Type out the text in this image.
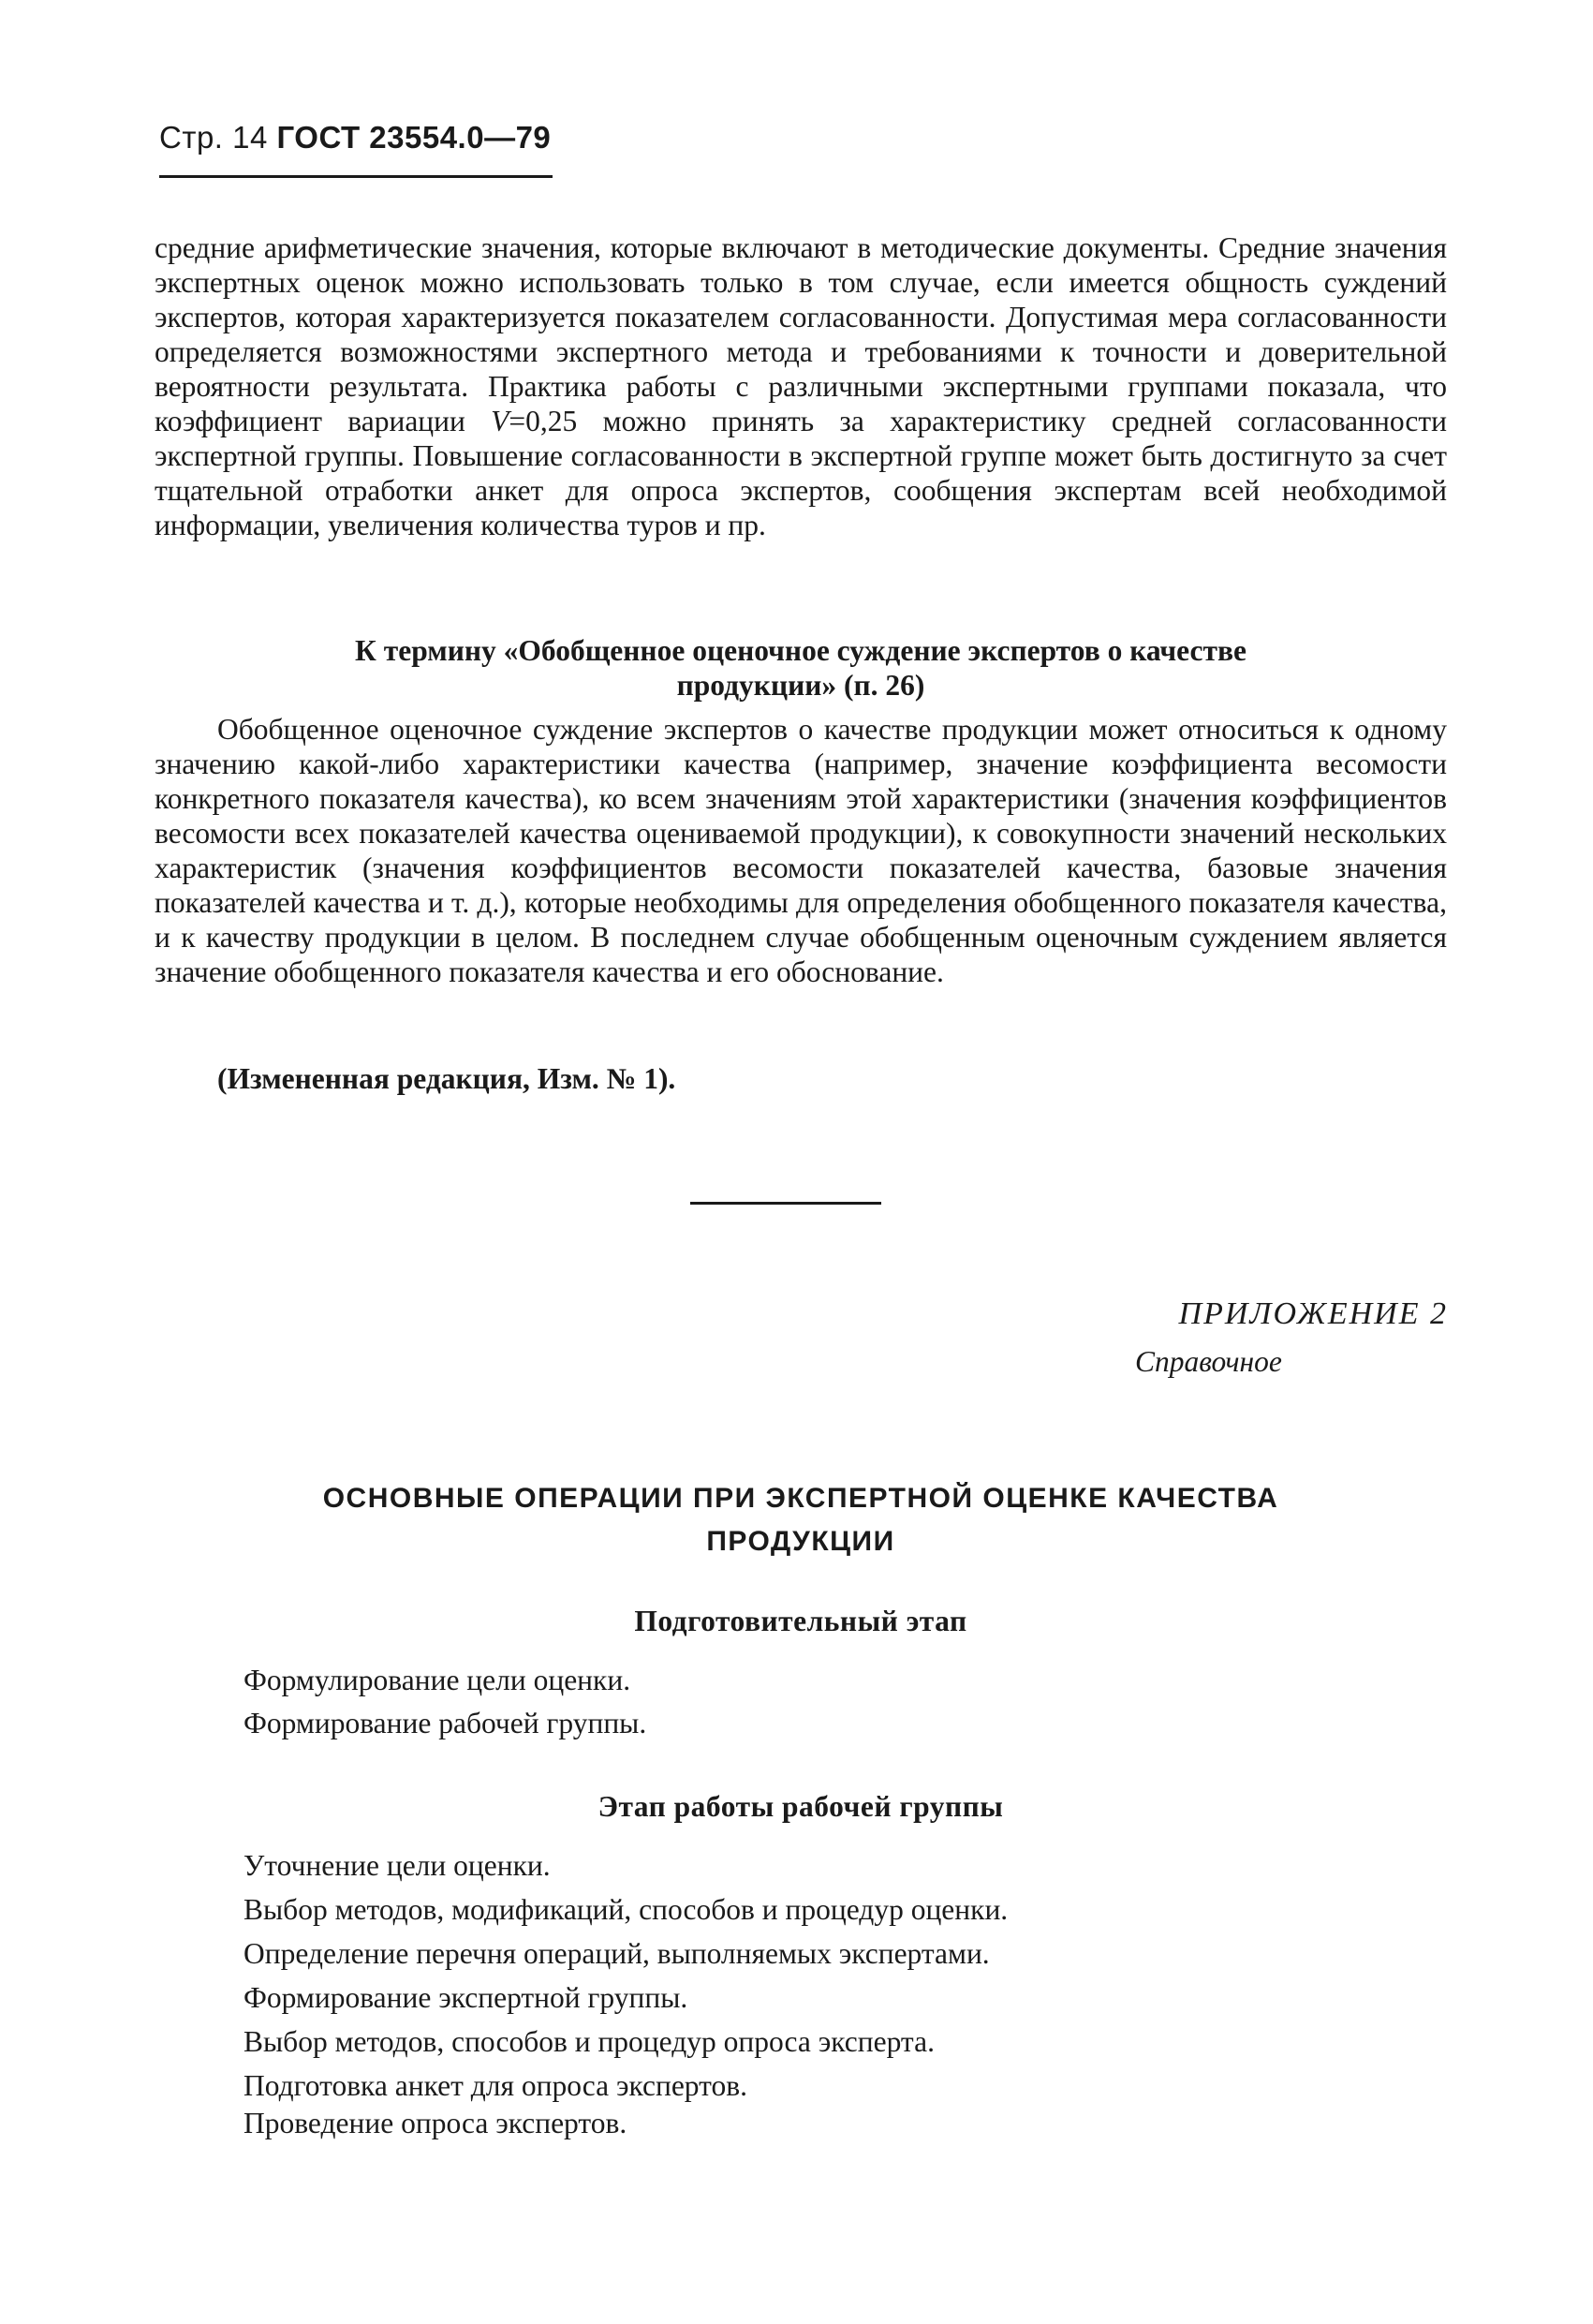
Стр. 14 ГОСТ 23554.0—79

средние арифметические значения, которые включают в методические документы. Средние значения экспертных оценок можно использовать только в том случае, если имеется общность суждений экспертов, которая характеризуется показателем согласованности. Допустимая мера согласованности определяется возможностями экспертного метода и требованиями к точности и доверительной вероятности результата. Практика работы с различными экспертными группами показала, что коэффициент вариации V=0,25 можно принять за характеристику средней согласованности экспертной группы. Повышение согласованности в экспертной группе может быть достигнуто за счет тщательной отработки анкет для опроса экспертов, сообщения экспертам всей необходимой информации, увеличения количества туров и пр.

К термину «Обобщенное оценочное суждение экспертов о качестве
продукции» (п. 26)

Обобщенное оценочное суждение экспертов о качестве продукции может относиться к одному значению какой-либо характеристики качества (например, значение коэффициента весомости конкретного показателя качества), ко всем значениям этой характеристики (значения коэффициентов весомости всех показателей качества оцениваемой продукции), к совокупности значений нескольких характеристик (значения коэффициентов весомости показателей качества, базовые значения показателей качества и т. д.), которые необходимы для определения обобщенного показателя качества, и к качеству продукции в целом. В последнем случае обобщенным оценочным суждением является значение обобщенного показателя качества и его обоснование.

(Измененная редакция, Изм. № 1).
ПРИЛОЖЕНИЕ 2
Справочное
ОСНОВНЫЕ ОПЕРАЦИИ ПРИ ЭКСПЕРТНОЙ ОЦЕНКЕ КАЧЕСТВА
ПРОДУКЦИИ
Подготовительный этап
Формулирование цели оценки.
Формирование рабочей группы.
Этап работы рабочей группы
Уточнение цели оценки.
Выбор методов, модификаций, способов и процедур оценки.
Определение перечня операций, выполняемых экспертами.
Формирование экспертной группы.
Выбор методов, способов и процедур опроса эксперта.
Подготовка анкет для опроса экспертов.
Проведение опроса экспертов.
